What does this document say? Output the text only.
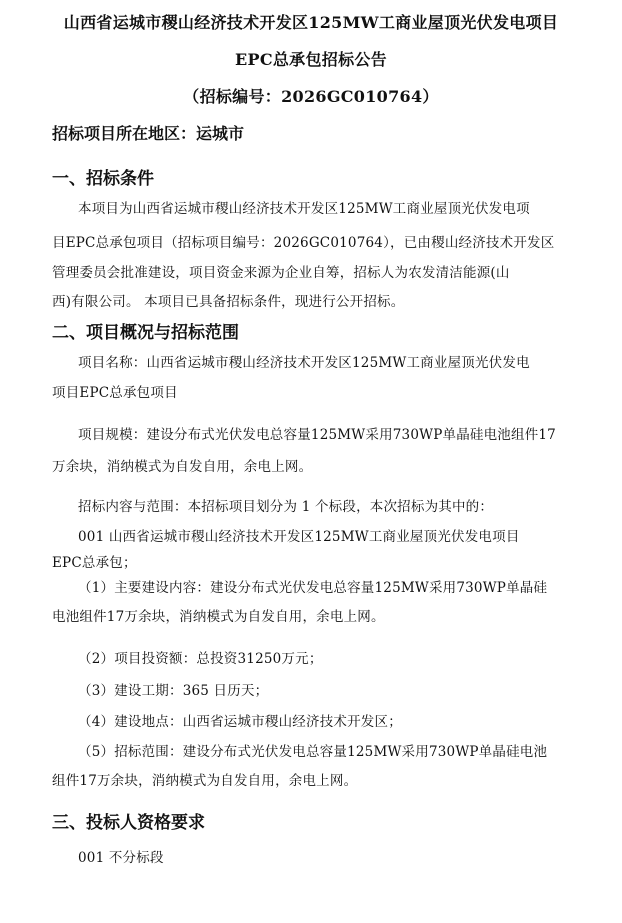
山西省运城市稷山经济技术开发区125MW工商业屋顶光伏发电项目
EPC总承包招标公告
（招标编号：2026GC010764）
招标项目所在地区：运城市
一、招标条件
本项目为山西省运城市稷山经济技术开发区125MW工商业屋顶光伏发电项
目EPC总承包项目（招标项目编号：2026GC010764），已由稷山经济技术开发区
管理委员会批准建设，项目资金来源为企业自筹，招标人为农发清洁能源(山
西)有限公司。 本项目已具备招标条件，现进行公开招标。
二、项目概况与招标范围
项目名称：山西省运城市稷山经济技术开发区125MW工商业屋顶光伏发电
项目EPC总承包项目
项目规模：建设分布式光伏发电总容量125MW采用730WP单晶硅电池组件17
万余块，消纳模式为自发自用，余电上网。
招标内容与范围：本招标项目划分为 1 个标段，本次招标为其中的：
001 山西省运城市稷山经济技术开发区125MW工商业屋顶光伏发电项目
EPC总承包；
（1）主要建设内容：建设分布式光伏发电总容量125MW采用730WP单晶硅
电池组件17万余块，消纳模式为自发自用，余电上网。
（2）项目投资额：总投资31250万元；
（3）建设工期：365 日历天；
（4）建设地点：山西省运城市稷山经济技术开发区；
（5）招标范围：建设分布式光伏发电总容量125MW采用730WP单晶硅电池
组件17万余块，消纳模式为自发自用，余电上网。
三、投标人资格要求
001 不分标段
